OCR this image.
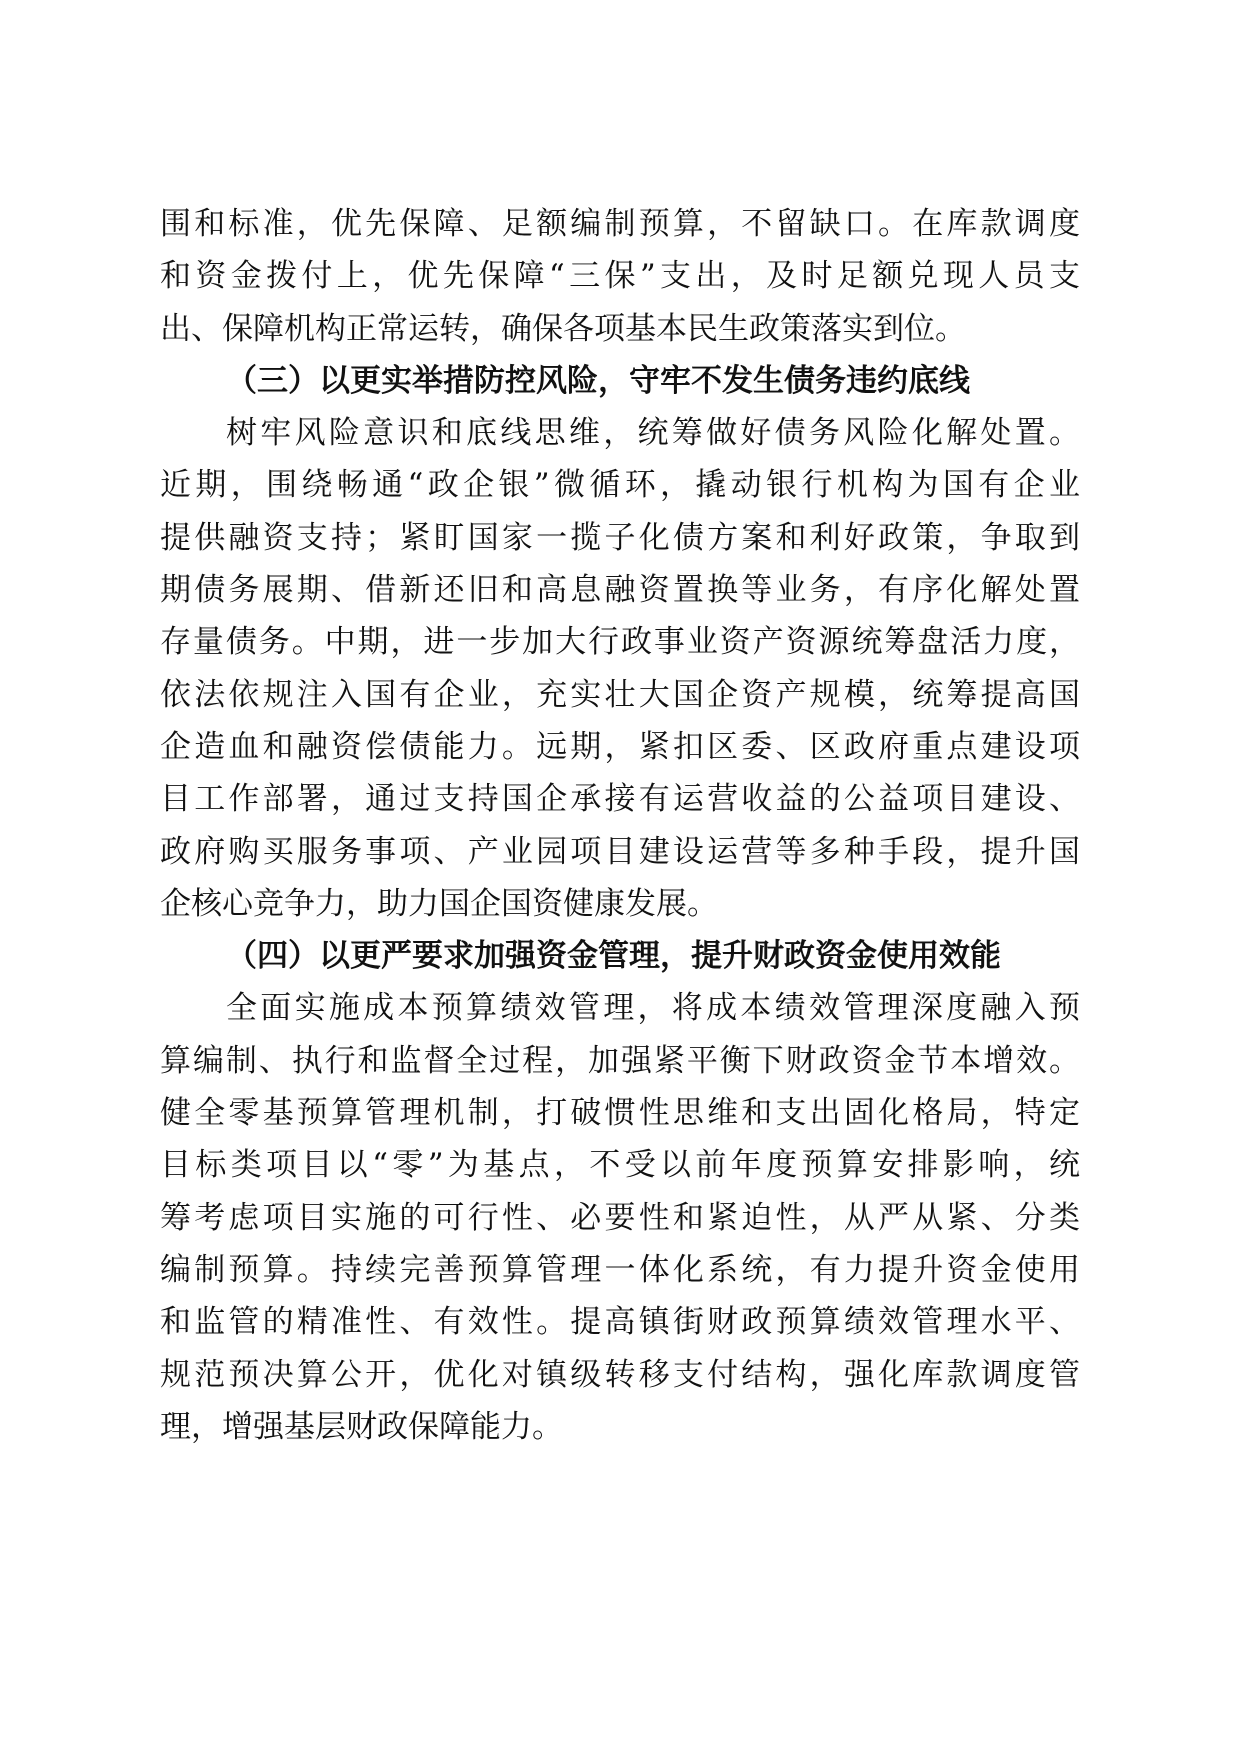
围和标准，优先保障、足额编制预算，不留缺口。在库款调度
和资金拨付上，优先保障“三保”支出，及时足额兑现人员支
出、保障机构正常运转，确保各项基本民生政策落实到位。
（三）以更实举措防控风险，守牢不发生债务违约底线
树牢风险意识和底线思维，统筹做好债务风险化解处置。
近期，围绕畅通“政企银”微循环，撬动银行机构为国有企业
提供融资支持；紧盯国家一揽子化债方案和利好政策，争取到
期债务展期、借新还旧和高息融资置换等业务，有序化解处置
存量债务。中期，进一步加大行政事业资产资源统筹盘活力度，
依法依规注入国有企业，充实壮大国企资产规模，统筹提高国
企造血和融资偿债能力。远期，紧扣区委、区政府重点建设项
目工作部署，通过支持国企承接有运营收益的公益项目建设、
政府购买服务事项、产业园项目建设运营等多种手段，提升国
企核心竞争力，助力国企国资健康发展。
（四）以更严要求加强资金管理，提升财政资金使用效能
全面实施成本预算绩效管理，将成本绩效管理深度融入预
算编制、执行和监督全过程，加强紧平衡下财政资金节本增效。
健全零基预算管理机制，打破惯性思维和支出固化格局，特定
目标类项目以“零”为基点，不受以前年度预算安排影响，统
筹考虑项目实施的可行性、必要性和紧迫性，从严从紧、分类
编制预算。持续完善预算管理一体化系统，有力提升资金使用
和监管的精准性、有效性。提高镇街财政预算绩效管理水平、
规范预决算公开，优化对镇级转移支付结构，强化库款调度管
理，增强基层财政保障能力。
